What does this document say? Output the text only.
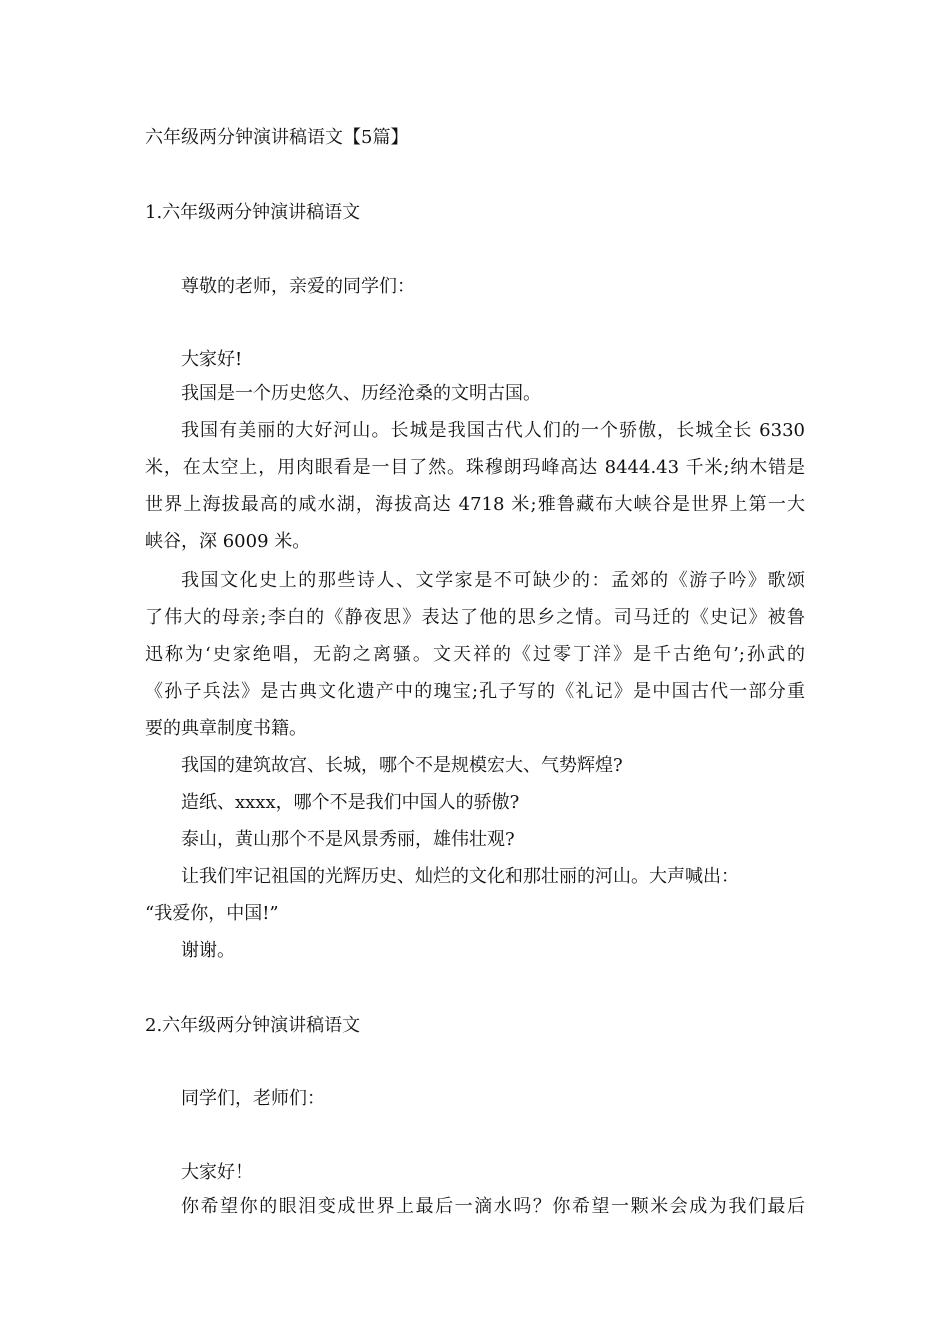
六年级两分钟演讲稿语文【5篇】
1.六年级两分钟演讲稿语文
尊敬的老师，亲爱的同学们：
大家好!
我国是一个历史悠久、历经沧桑的文明古国。
我国有美丽的大好河山。长城是我国古代人们的一个骄傲，长城全长 6330
米，在太空上，用肉眼看是一目了然。珠穆朗玛峰高达 8444.43 千米;纳木错是
世界上海拔最高的咸水湖，海拔高达 4718 米;雅鲁藏布大峡谷是世界上第一大
峡谷，深 6009 米。
我国文化史上的那些诗人、文学家是不可缺少的：孟郊的《游子吟》歌颂
了伟大的母亲;李白的《静夜思》表达了他的思乡之情。司马迁的《史记》被鲁
迅称为‘史家绝唱，无韵之离骚。文天祥的《过零丁洋》是千古绝句’;孙武的
《孙子兵法》是古典文化遗产中的瑰宝;孔子写的《礼记》是中国古代一部分重
要的典章制度书籍。
我国的建筑故宫、长城，哪个不是规模宏大、气势辉煌?
造纸、xxxx，哪个不是我们中国人的骄傲?
泰山，黄山那个不是风景秀丽，雄伟壮观?
让我们牢记祖国的光辉历史、灿烂的文化和那壮丽的河山。大声喊出：
“我爱你，中国!”
谢谢。
2.六年级两分钟演讲稿语文
同学们，老师们：
大家好！
你希望你的眼泪变成世界上最后一滴水吗？你希望一颗米会成为我们最后
